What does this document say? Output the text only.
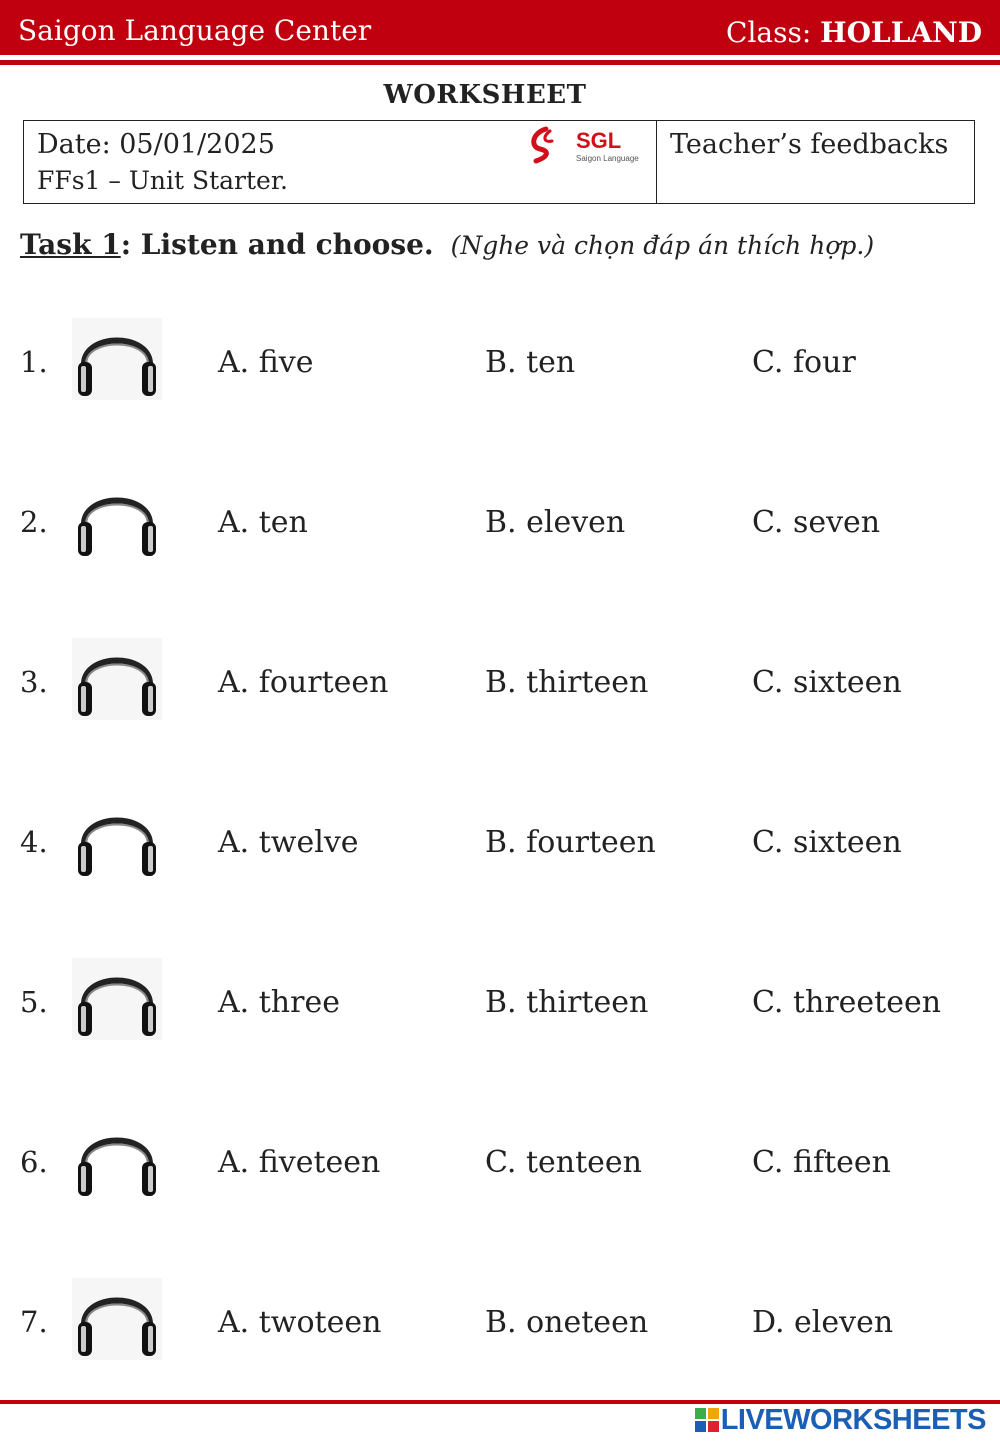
Saigon Language Center	Class: HOLLAND
WORKSHEET
Date: 05/01/2025
FFs1 – Unit Starter.
SGL
Saigon Language Teacher’s feedbacks
Task 1: Listen and choose. (Nghe và chọn đáp án thích hợp.)
1.	A. five	B. ten	C. four
2.	A. ten	B. eleven	C. seven
3.	A. fourteen	B. thirteen	C. sixteen
4.	A. twelve	B. fourteen	C. sixteen
5.	A. three	B. thirteen	C. threeteen
6.	A. fiveteen	C. tenteen	C. fifteen
7.	A. twoteen	B. oneteen	D. eleven
LIVEWORKSHEETS
